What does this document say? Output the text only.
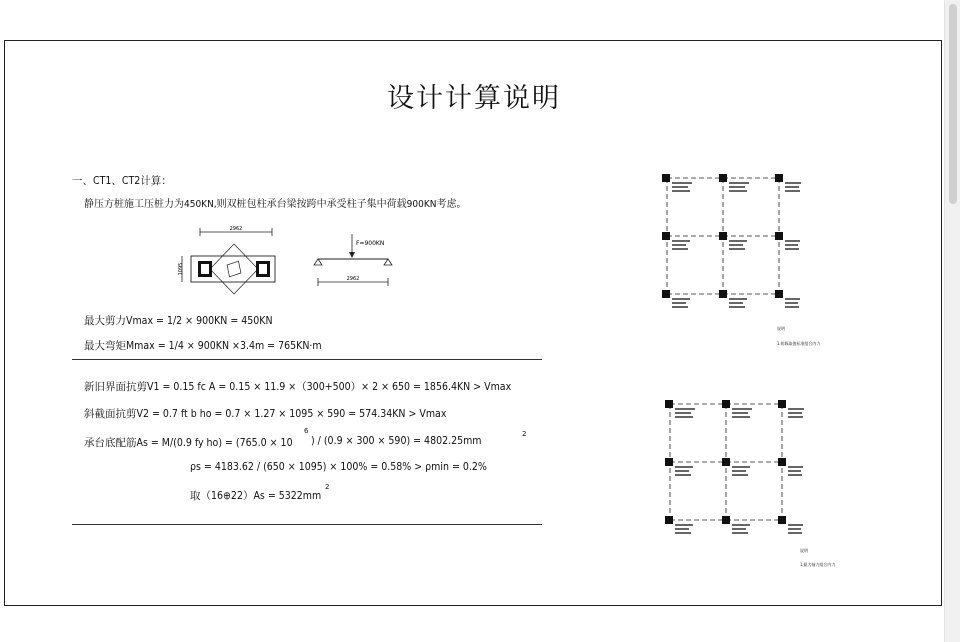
设计计算说明
一、CT1、CT2计算：
静压方桩施工压桩力为450KN,则双桩包柱承台梁按跨中承受柱子集中荷载900KN考虑。
2962
1095
F=900KN
2962
最大剪力Vmax = 1/2 × 900KN = 450KN
最大弯矩Mmax = 1/4 × 900KN ×3.4m = 765KN·m
新旧界面抗剪V1 = 0.15 fc A = 0.15 × 11.9 ×（300+500）× 2 × 650 = 1856.4KN > Vmax
斜截面抗剪V2 = 0.7 ft b ho = 0.7 × 1.27 × 1095 × 590 = 574.34KN > Vmax
承台底配筋As = M/(0.9 fy ho) = (765.0 × 10
6
) / (0.9 × 300 × 590) = 4802.25mm
2
ρs = 4183.62 / (650 × 1095) × 100% = 0.58% > ρmin = 0.2%
取（16⊕22）As = 5322mm
2
说明
1.荷载取值标准组合内力
说明
1.最大轴力组合内力
